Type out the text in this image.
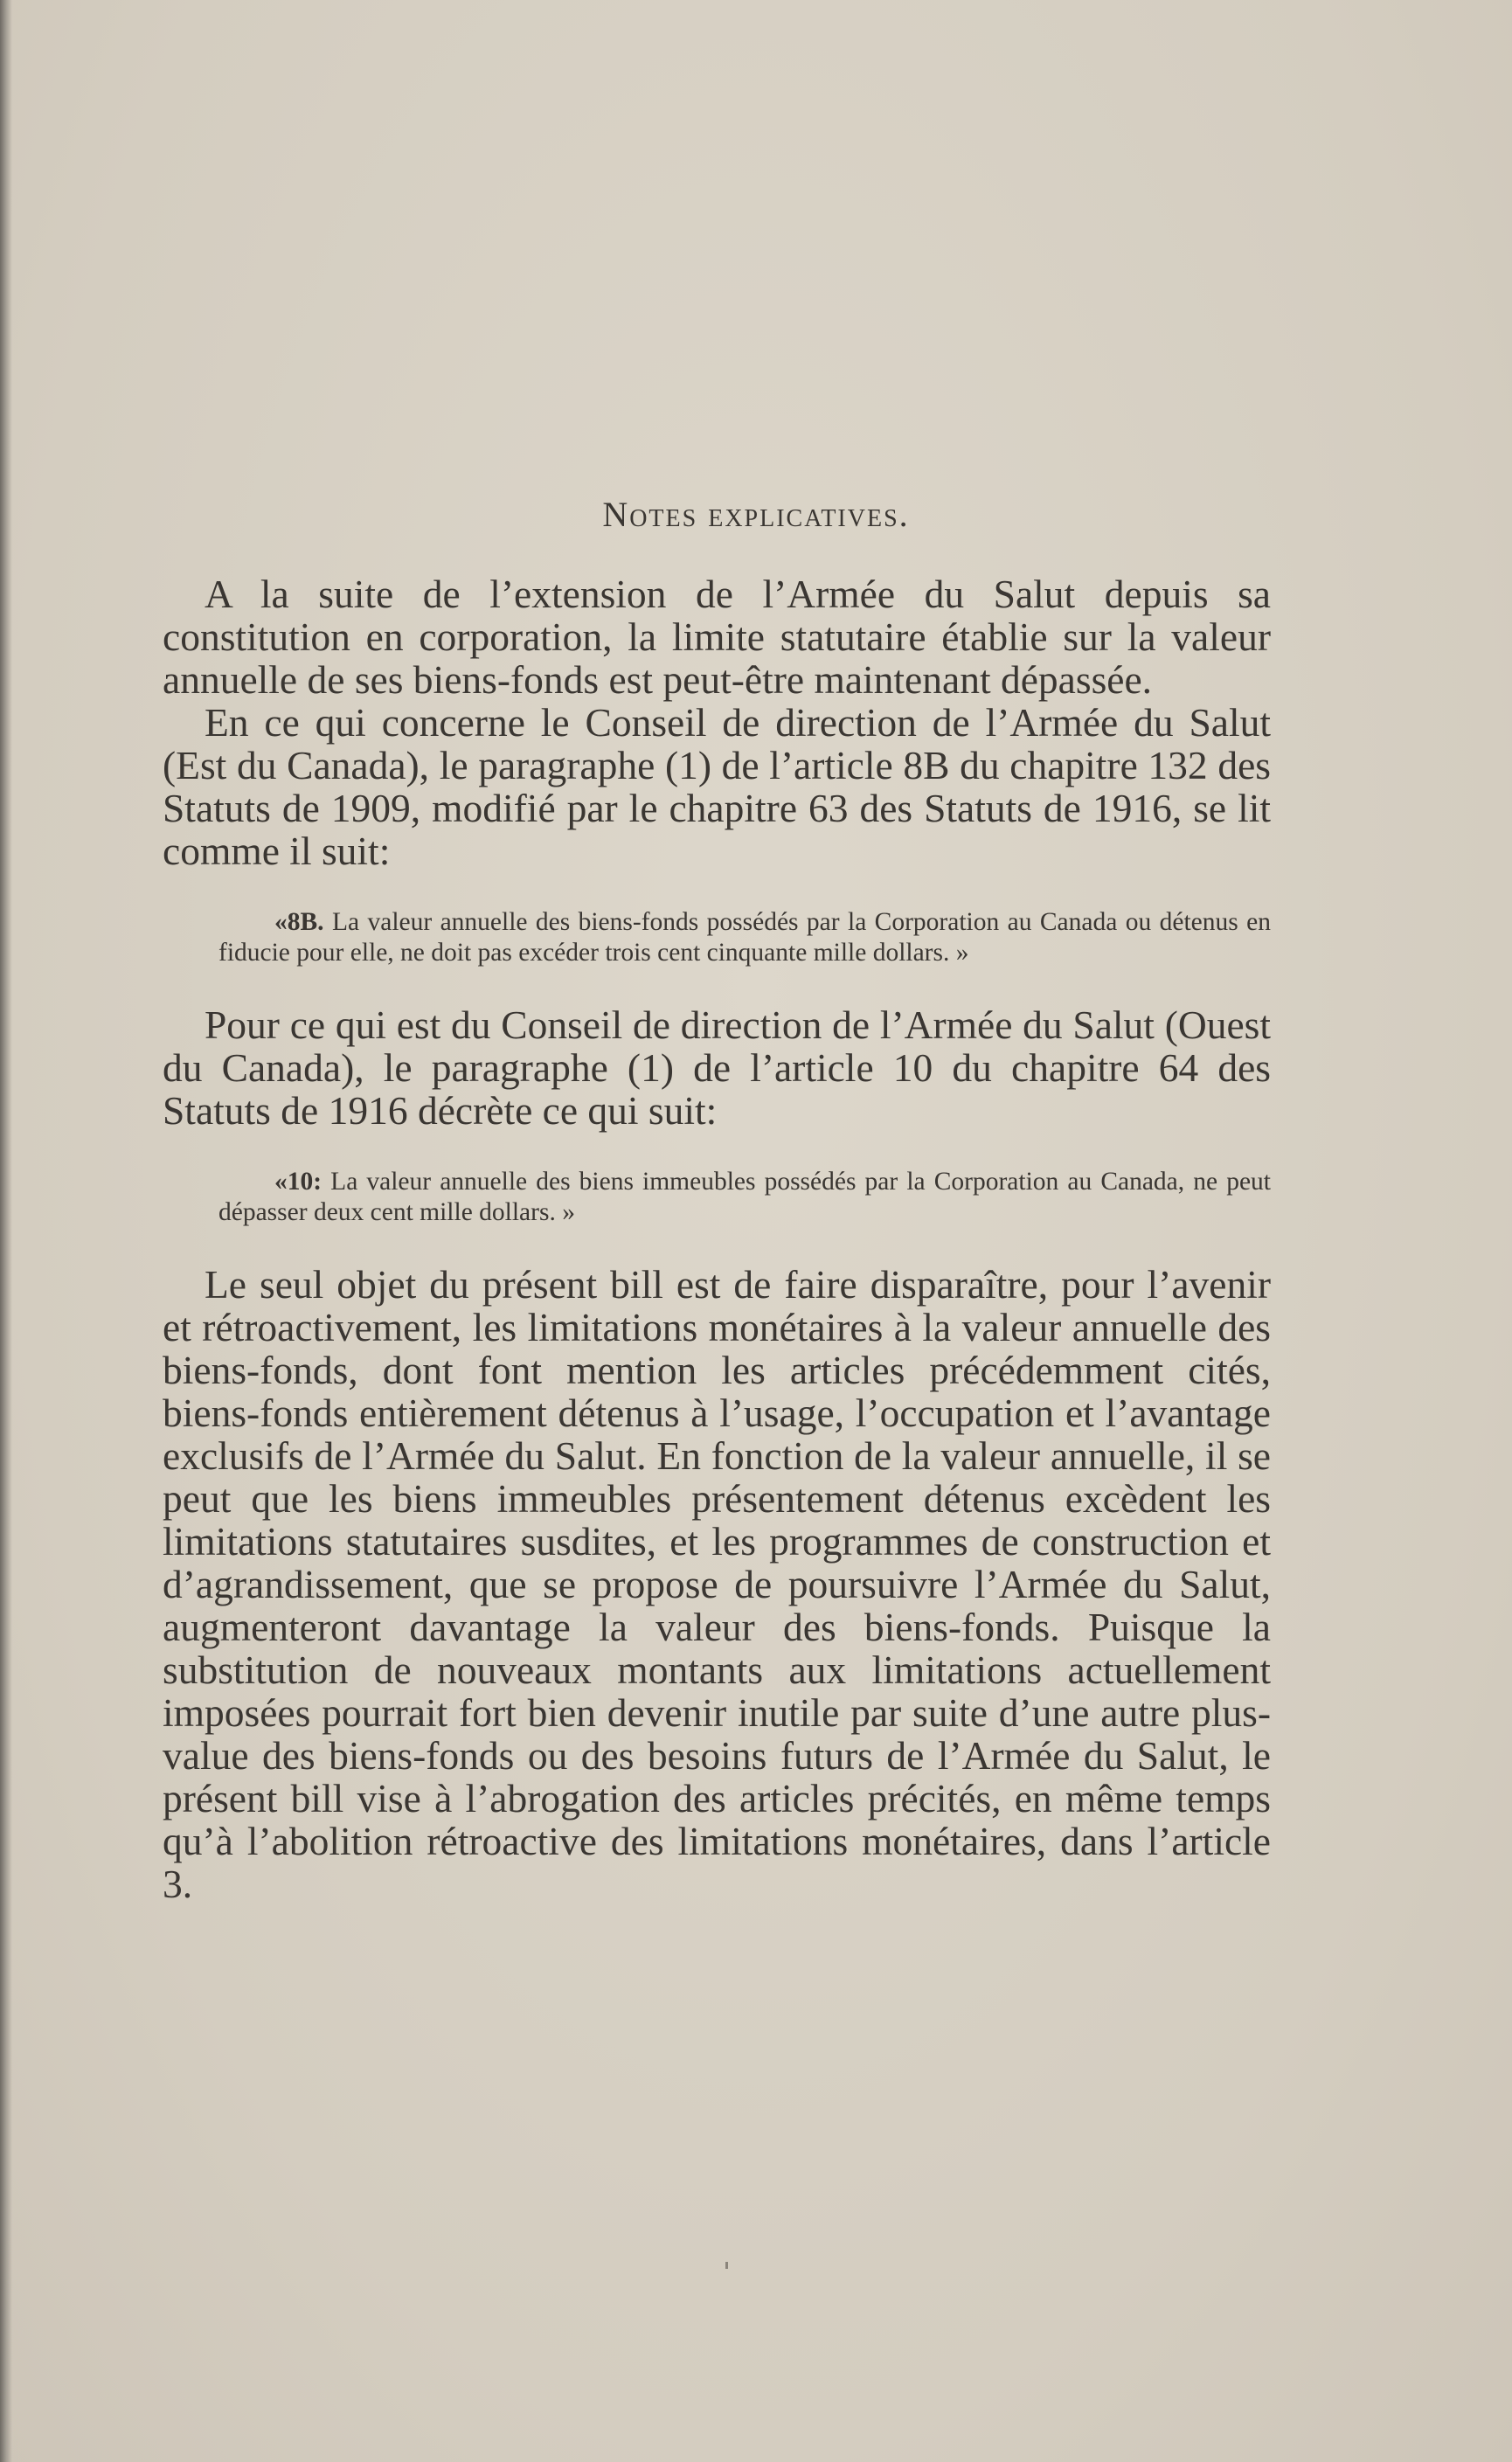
Notes explicatives.

A la suite de l’extension de l’Armée du Salut depuis sa constitution en corporation, la limite statutaire établie sur la valeur annuelle de ses biens-fonds est peut-être maintenant dépassée.

En ce qui concerne le Conseil de direction de l’Armée du Salut (Est du Canada), le paragraphe (1) de l’article 8B du chapitre 132 des Statuts de 1909, modifié par le chapitre 63 des Statuts de 1916, se lit comme il suit:

«8B. La valeur annuelle des biens-fonds possédés par la Corporation au Canada ou détenus en fiducie pour elle, ne doit pas excéder trois cent cinquante mille dollars. »

Pour ce qui est du Conseil de direction de l’Armée du Salut (Ouest du Canada), le paragraphe (1) de l’article 10 du chapitre 64 des Statuts de 1916 décrète ce qui suit:

«10: La valeur annuelle des biens immeubles possédés par la Corporation au Canada, ne peut dépasser deux cent mille dollars. »

Le seul objet du présent bill est de faire disparaître, pour l’avenir et rétroactivement, les limitations monétaires à la valeur annuelle des biens-fonds, dont font mention les articles précédemment cités, biens-fonds entièrement détenus à l’usage, l’occupation et l’avantage exclusifs de l’Armée du Salut. En fonction de la valeur annuelle, il se peut que les biens immeubles présentement détenus excèdent les limitations statutaires susdites, et les programmes de construction et d’agrandissement, que se propose de poursuivre l’Armée du Salut, augmenteront davantage la valeur des biens-fonds. Puisque la substitution de nouveaux montants aux limitations actuellement imposées pourrait fort bien devenir inutile par suite d’une autre plus-value des biens-fonds ou des besoins futurs de l’Armée du Salut, le présent bill vise à l’abrogation des articles précités, en même temps qu’à l’abolition rétroactive des limitations monétaires, dans l’article 3.
